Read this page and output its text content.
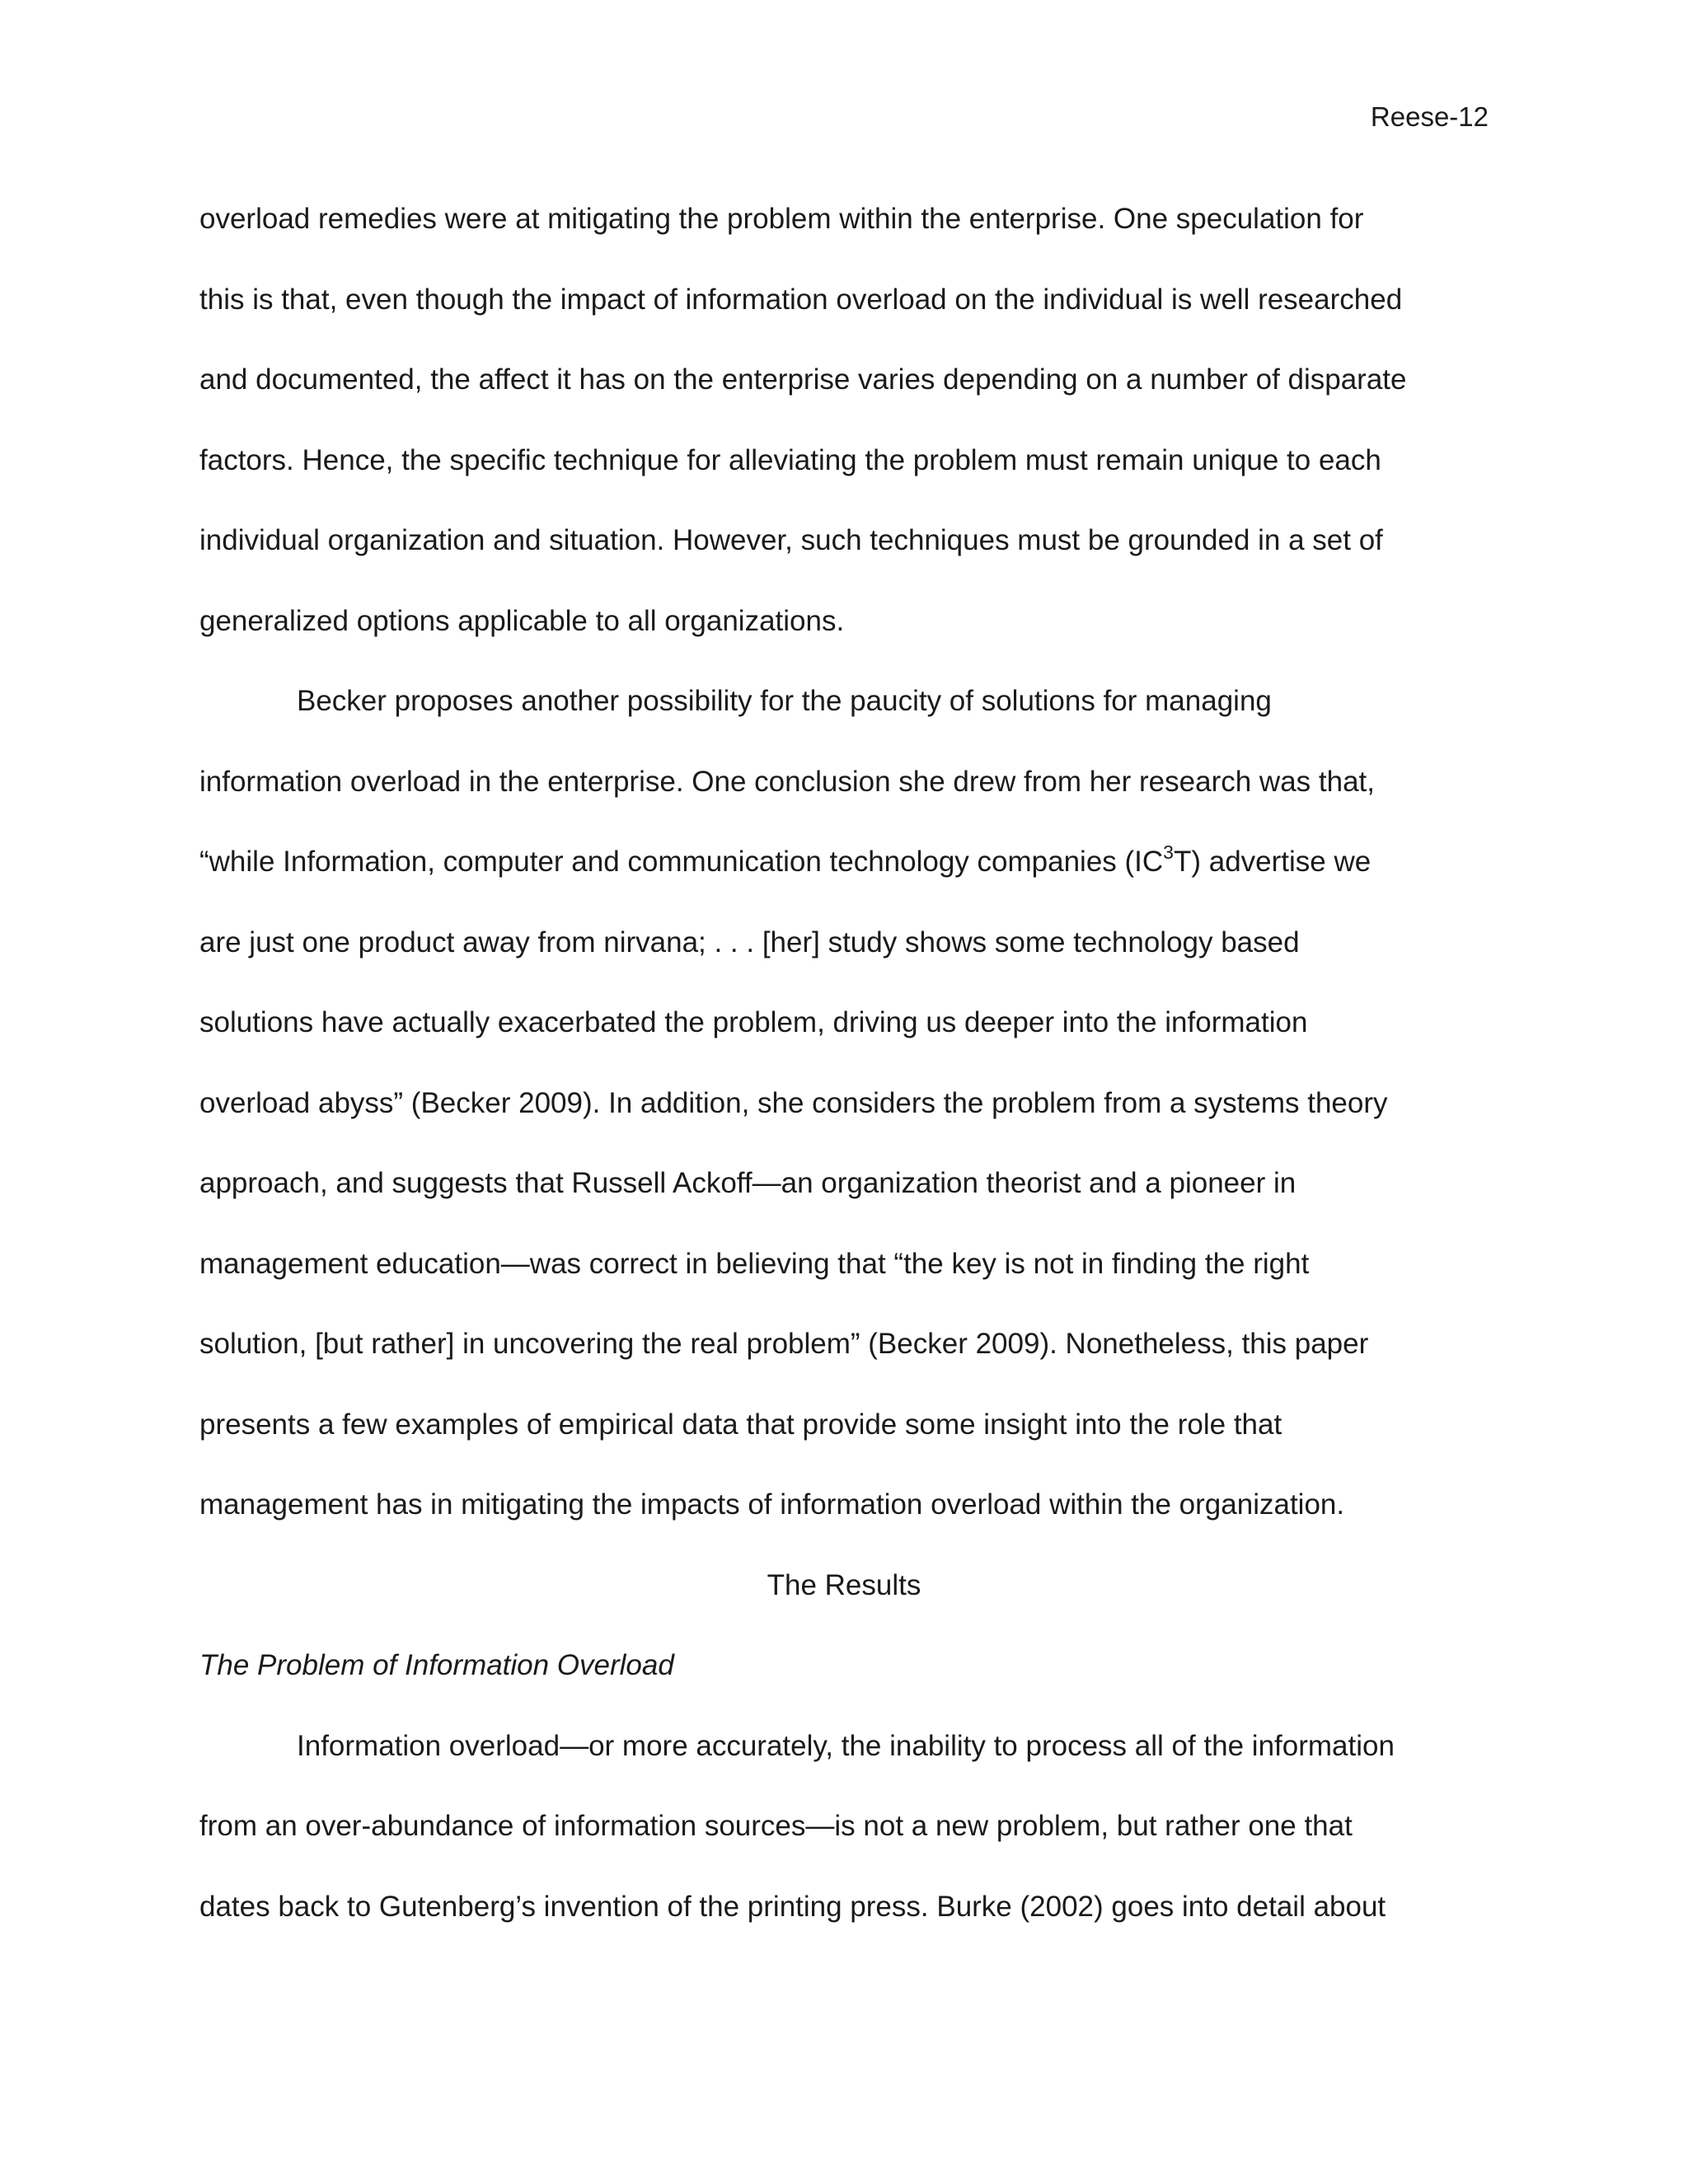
Reese-12
overload remedies were at mitigating the problem within the enterprise. One speculation for
this is that, even though the impact of information overload on the individual is well researched
and documented, the affect it has on the enterprise varies depending on a number of disparate
factors. Hence, the specific technique for alleviating the problem must remain unique to each
individual organization and situation. However, such techniques must be grounded in a set of
generalized options applicable to all organizations.
Becker proposes another possibility for the paucity of solutions for managing
information overload in the enterprise. One conclusion she drew from her research was that,
“while Information, computer and communication technology companies $(IC^3T)$ advertise we
are just one product away from nirvana; . . . [her] study shows some technology based
solutions have actually exacerbated the problem, driving us deeper into the information
overload abyss” (Becker 2009). In addition, she considers the problem from a systems theory
approach, and suggests that Russell Ackoff—an organization theorist and a pioneer in
management education—was correct in believing that “the key is not in finding the right
solution, [but rather] in uncovering the real problem” (Becker 2009). Nonetheless, this paper
presents a few examples of empirical data that provide some insight into the role that
management has in mitigating the impacts of information overload within the organization.
The Results
The Problem of Information Overload
Information overload—or more accurately, the inability to process all of the information
from an over-abundance of information sources—is not a new problem, but rather one that
dates back to Gutenberg’s invention of the printing press. Burke (2002) goes into detail about
